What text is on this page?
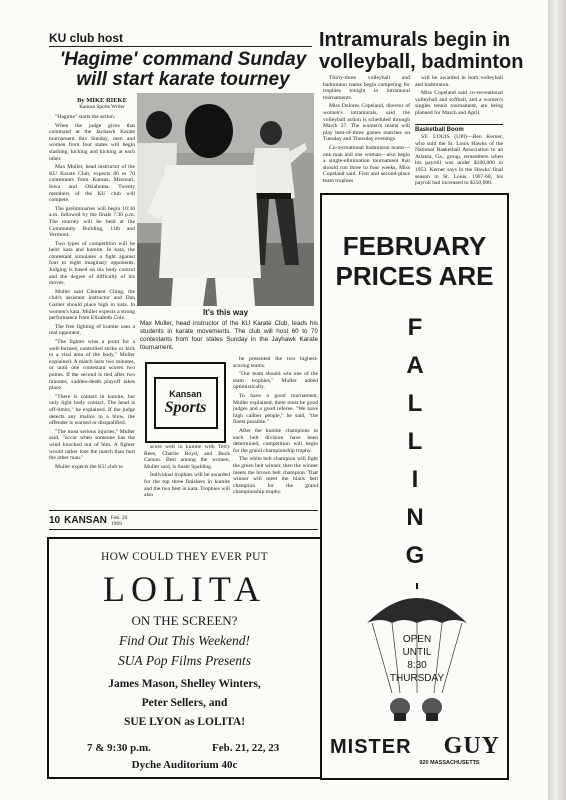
KU club host
'Hagime' command Sunday
will start karate tourney
By MIKE RIEKE
Kansan Sports Writer

"Hagime" starts the action.

When the judge gives that command at the Jayhawk Karate tournament this Sunday, men and women from four states will begin slashing, kicking and kicking at each other.

Max Muller, head instructor of the KU Karate Club, expects 60 to 70 contestants from Kansas, Missouri, Iowa and Oklahoma. Twenty members of the KU club will compete.

The preliminaries will begin 10:30 a.m. followed by the finals 7:30 p.m. The tourney will be held at the Community Building, 11th and Vermont.

Two types of competition will be held: kata and kumite. In kata, the contestant simulates a fight against four to eight imaginary opponents. Judging is based on his body control and the degree of difficulty of his moves.

Muller said Clement Ching, the club's assistant instructor and Dan Garner should place high in kata. In women's kata, Muller expects a strong performance from Elizabeth Cole.

The free fighting of kumite uses a real opponent.

"The fighter wins a point for a well-formed, controlled strike or kick to a vital area of the body," Muller explained. A match lasts two minutes, or until one contestant scores two points. If the second is tied after two minutes, sudden-death playoff takes place.

"There is contact in kumite, but only light body contact. The head is off-limits," he explained. If the judge detects any malice in a blow, the offender is warned or disqualified.

"The most serious injuries," Muller said, "occur when someone has the wind knocked out of him. A fighter would rather lose the match than hurt the other man."

Muller expects the KU club to

It's this way
Max Muller, head instructor of the KU Karate Club, leads his students in karate movements. The club will host 60 to 70 contestants from four states Sunday in the Jayhawk Karate tournament.
Kansan
Sports

score well in kumite with Terry Rees, Charlie Boyd, and Buck Carson. Best among the women, Muller said, is Susie Spalding.

Individual trophies will be awarded for the top three finishers in kumite and the two best in kata. Trophies will also

be presented the two highest-scoring teams.

"Our team should win one of the team trophies," Muller added optimistically.

To have a good tournament, Muller explained, there must be good judges and a good referee. "We have high caliber people," he said, "the finest possible."

After the kumite champions in each belt division have been determined, competition will begin for the grand championship trophy.

The white belt champion will fight the green belt winner, then the winner meets the brown belt champion. That winner will meet the black belt champion for the grand championship trophy.

10 KANSAN Feb. 20
1969
Intramurals begin in
volleyball, badminton

Thirty-three volleyball and badminton teams begin competing for trophies tonight in intramural tournaments.

Miss Dolores Copeland, director of women's intramurals, said the volleyball action is scheduled through March 27. The women's teams will play best-of-three games matches on Tuesday and Thursday evenings.

Co-recreational badminton teams—one man and one woman—also begin a single-elimination tournament that should run three to four weeks, Miss Copeland said. First and second-place team trophies

will be awarded in both volleyball and badminton.

Miss Copeland said co-recreational volleyball and softball, and a women's singles tennis tournament, are being planned for March and April.

Basketball Boom
ST. LOUIS (UPI)—Ben Kerner, who sold the St. Louis Hawks of the National Basketball Association to an Atlanta, Ga., group, remembers when his payroll was under $100,000 in 1953. Kerner says in the Hawks' final season in St. Louis, 1967-68, his payroll had increased to $350,000.
FEBRUARY
PRICES ARE
F
A
L
L
I
N
G
OPEN
UNTIL
8:30
THURSDAY
MISTER GUY
920 MASSACHUSETTS
HOW COULD THEY EVER PUT
LOLITA
ON THE SCREEN?
Find Out This Weekend!
SUA Pop Films Presents
James Mason, Shelley Winters,
Peter Sellers, and
SUE LYON as LOLITA!
7 & 9:30 p.m.	Feb. 21, 22, 23
Dyche Auditorium 40c
